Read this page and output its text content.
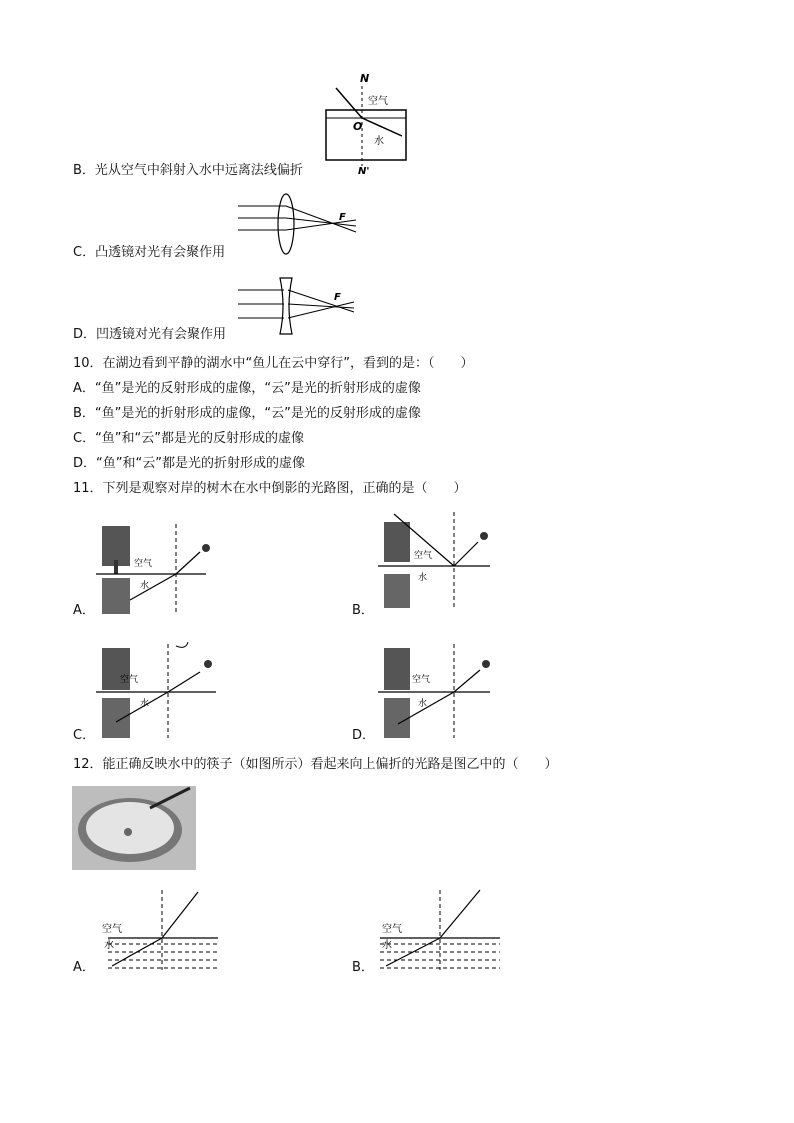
N
空气
O
水
N'
B．光从空气中斜射入水中远离法线偏折
F
C．凸透镜对光有会聚作用
F
D．凹透镜对光有会聚作用
10．在湖边看到平静的湖水中“鱼儿在云中穿行”，看到的是：（　　）
A．“鱼”是光的反射形成的虚像，“云”是光的折射形成的虚像
B．“鱼”是光的折射形成的虚像，“云”是光的反射形成的虚像
C．“鱼”和“云”都是光的反射形成的虚像
D．“鱼”和“云”都是光的折射形成的虚像
11．下列是观察对岸的树木在水中倒影的光路图，正确的是（　　）
空气
水
A．
空气
水
B．
空气
水
C．
空气
水
D．
12．能正确反映水中的筷子（如图所示）看起来向上偏折的光路是图乙中的（　　）
空气
水
A．
空气
水
B．
